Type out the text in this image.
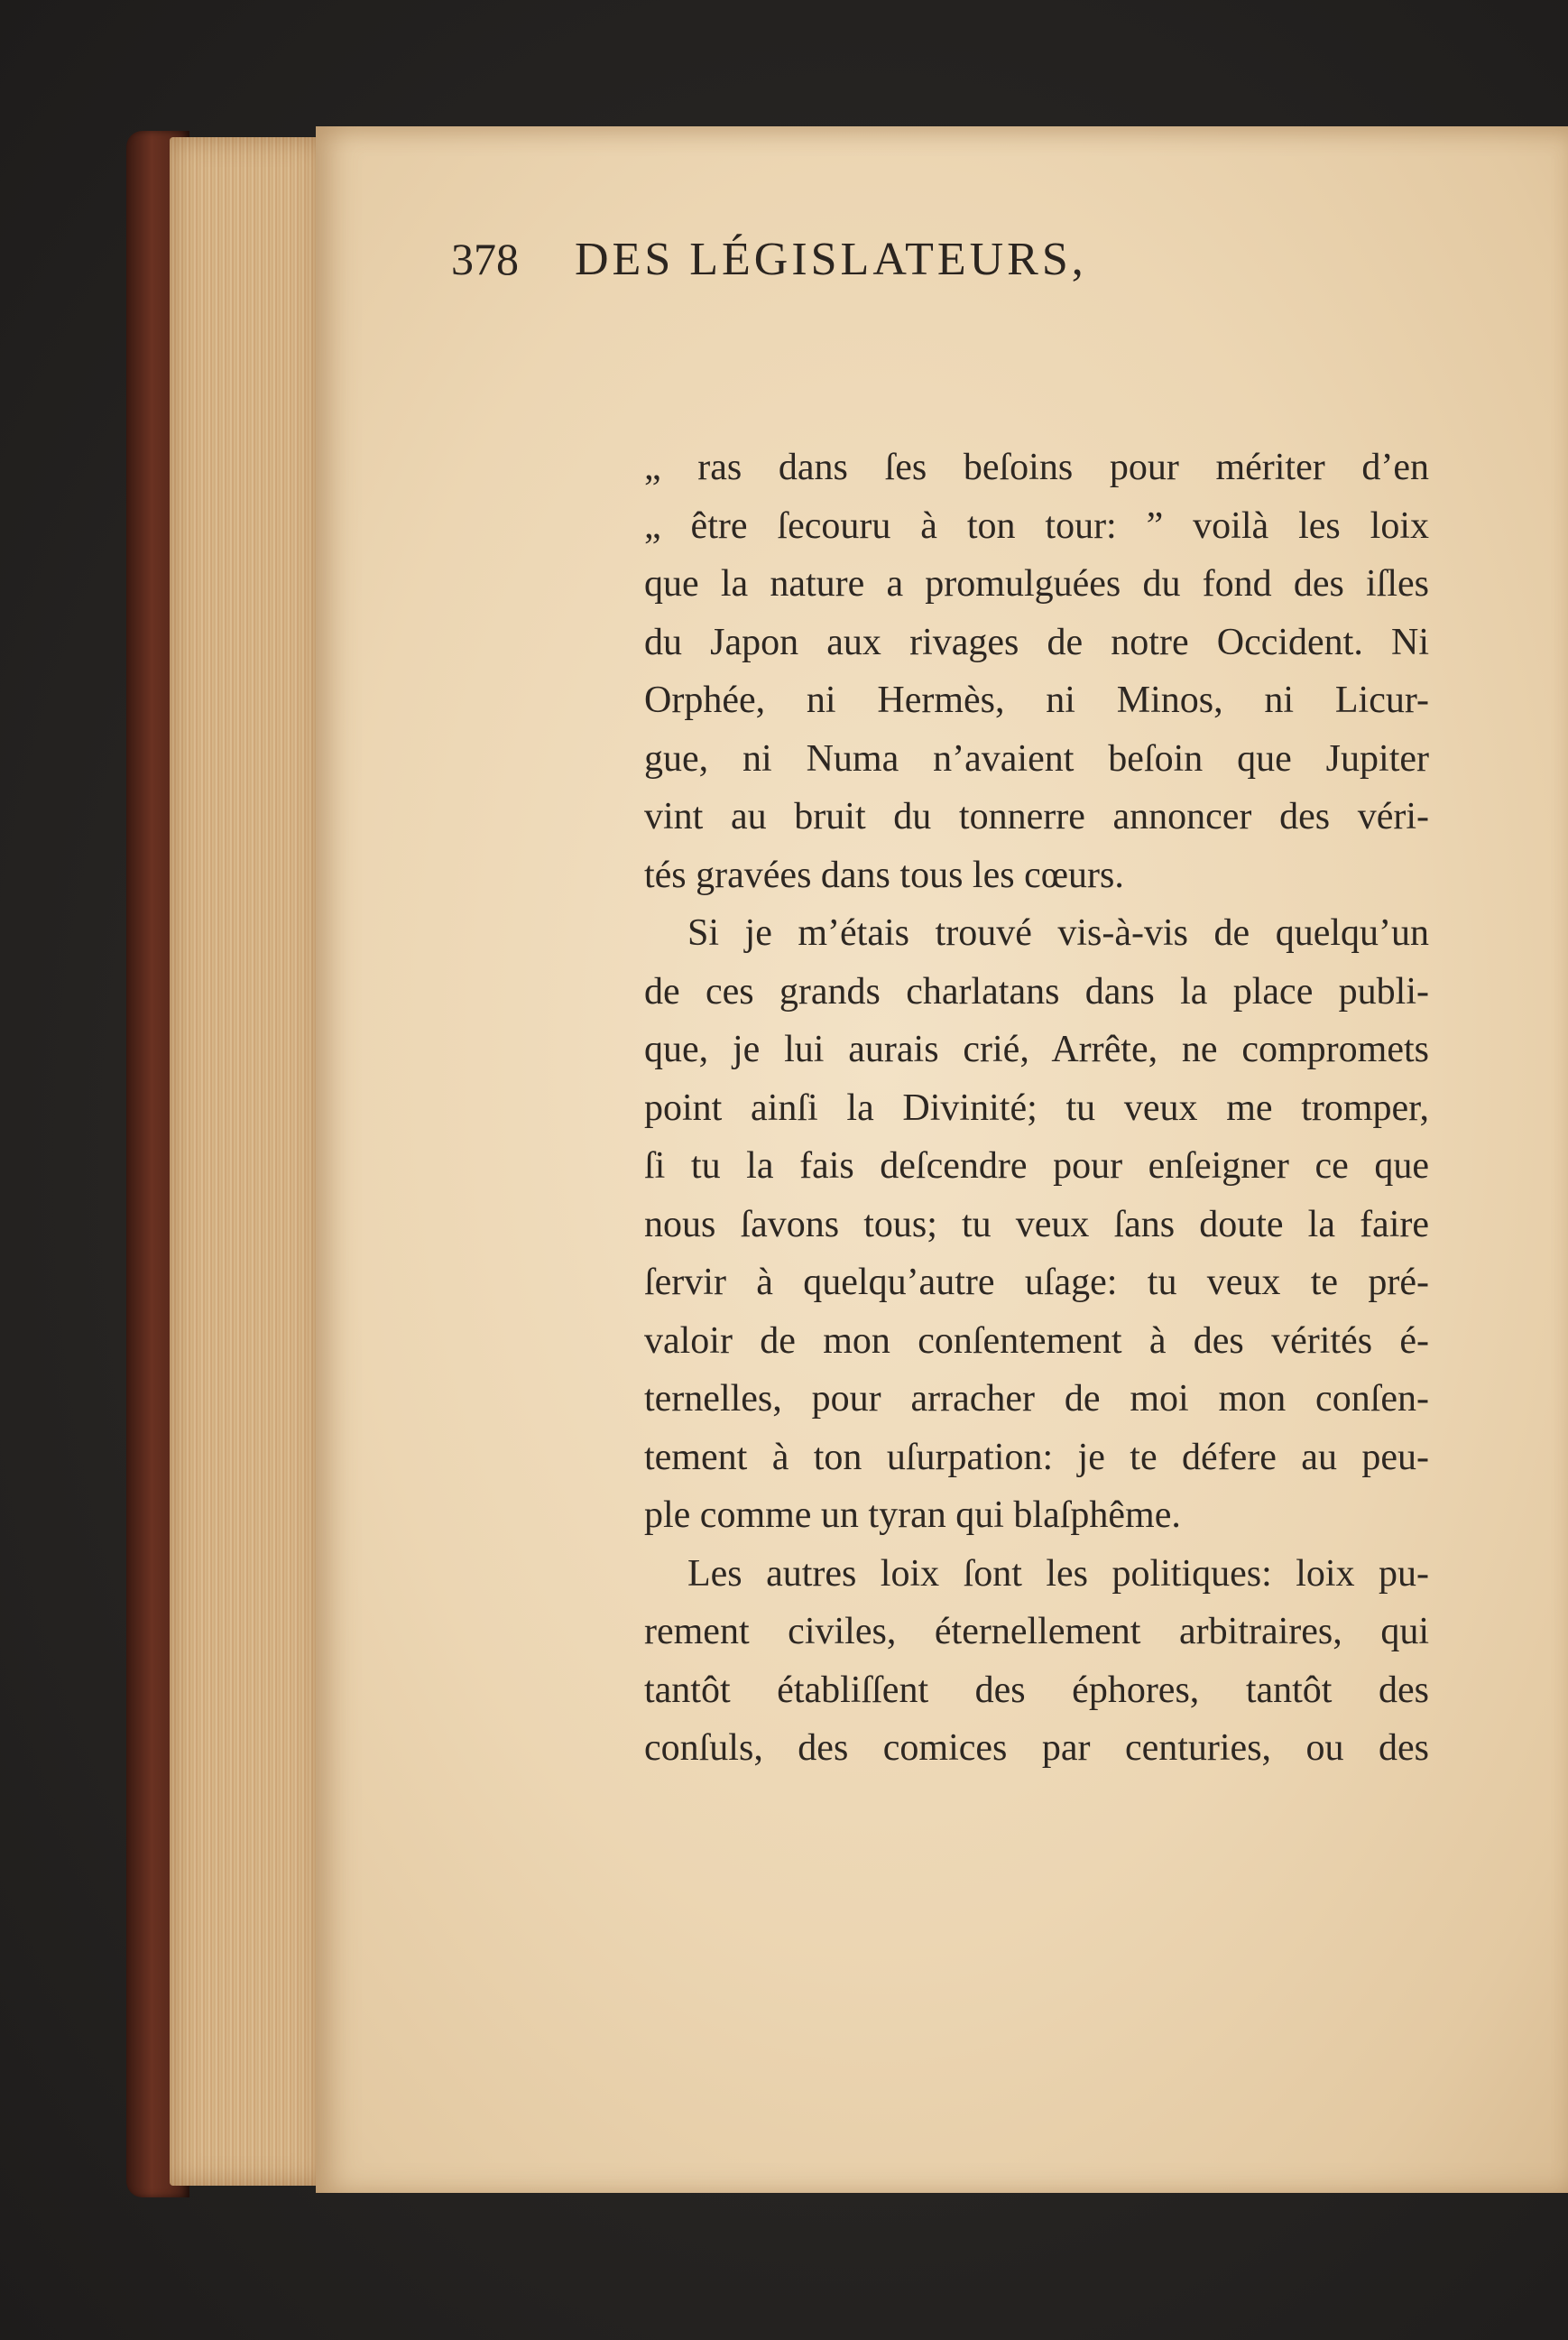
378 DES LÉGISLATEURS,
„ ras dans ſes beſoins pour mériter d’en
„ être ſecouru à ton tour: ” voilà les loix
que la nature a promulguées du fond des iſles
du Japon aux rivages de notre Occident. Ni
Orphée, ni Hermès, ni Minos, ni Licur-
gue, ni Numa n’avaient beſoin que Jupiter
vint au bruit du tonnerre annoncer des véri-
tés gravées dans tous les cœurs.
Si je m’étais trouvé vis-à-vis de quelqu’un
de ces grands charlatans dans la place publi-
que, je lui aurais crié, Arrête, ne compromets
point ainſi la Divinité; tu veux me tromper,
ſi tu la fais deſcendre pour enſeigner ce que
nous ſavons tous; tu veux ſans doute la faire
ſervir à quelqu’autre uſage: tu veux te pré-
valoir de mon conſentement à des vérités é-
ternelles, pour arracher de moi mon conſen-
tement à ton uſurpation: je te défere au peu-
ple comme un tyran qui blaſphême.
Les autres loix ſont les politiques: loix pu-
rement civiles, éternellement arbitraires, qui
tantôt établiſſent des éphores, tantôt des
conſuls, des comices par centuries, ou des
